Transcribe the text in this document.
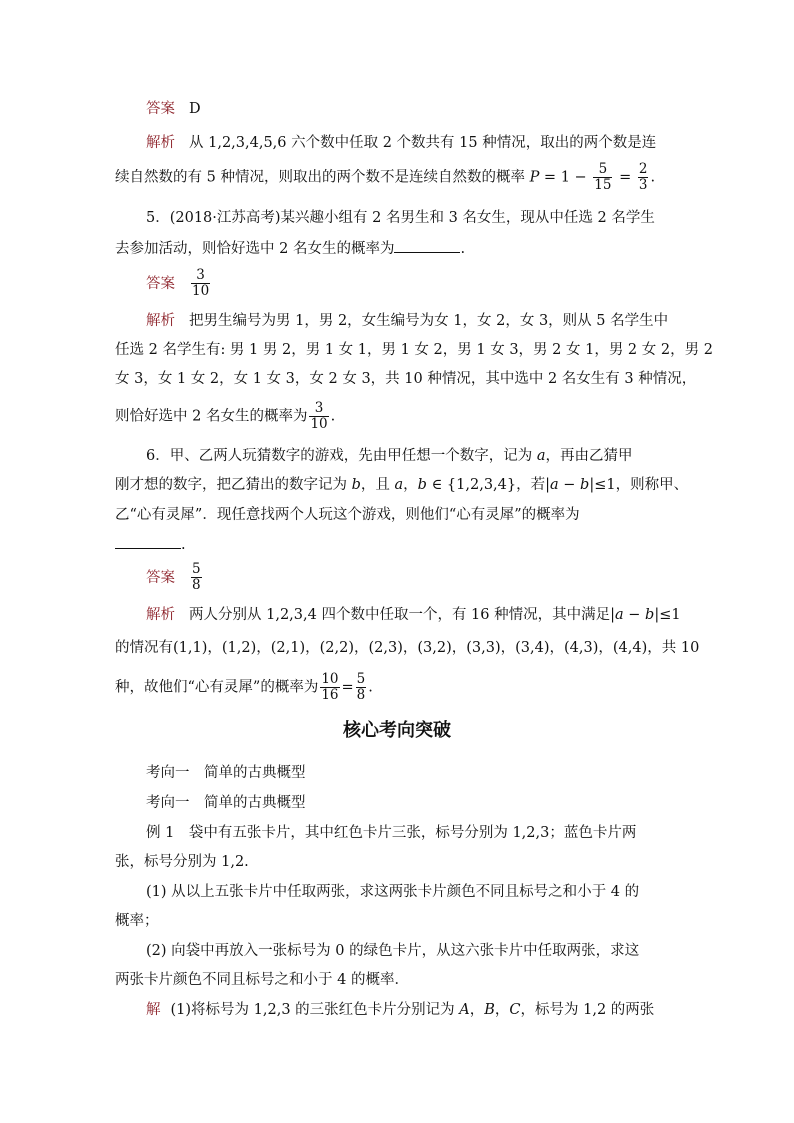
答案 D
解析 从 1,2,3,4,5,6 六个数中任取 2 个数共有 15 种情况，取出的两个数是连
续自然数的有 5 种情况，则取出的两个数不是连续自然数的概率 $P = 1 - \frac{5}{15} = \frac{2}{3}$ .
5．(2018·江苏高考)某兴趣小组有 2 名男生和 3 名女生，现从中任选 2 名学生
去参加活动，则恰好选中 2 名女生的概率为	.
答案 $\frac{3}{10}$
解析 把男生编号为男 1，男 2，女生编号为女 1，女 2，女 3，则从 5 名学生中
任选 2 名学生有: 男 1 男 2，男 1 女 1，男 1 女 2，男 1 女 3，男 2 女 1，男 2 女 2，男 2
女 3，女 1 女 2，女 1 女 3，女 2 女 3，共 10 种情况，其中选中 2 名女生有 3 种情况，
则恰好选中 2 名女生的概率为 $\frac{3}{10}$ .
6．甲、乙两人玩猜数字的游戏，先由甲任想一个数字，记为 a，再由乙猜甲
刚才想的数字，把乙猜出的数字记为 b，且 a，b ∈ {1,2,3,4}，若|a − b|≤1，则称甲、
乙“心有灵犀”．现任意找两个人玩这个游戏，则他们“心有灵犀”的概率为
.
答案 $\frac{5}{8}$
解析 两人分别从 1,2,3,4 四个数中任取一个，有 16 种情况，其中满足|a − b|≤1
的情况有(1,1)，(1,2)，(2,1)，(2,2)，(2,3)，(3,2)，(3,3)，(3,4)，(4,3)，(4,4)，共 10
种，故他们“心有灵犀”的概率为 $\frac{10}{16} = \frac{5}{8}$ .
核心考向突破
考向一　简单的古典概型
考向一　简单的古典概型
例 1　袋中有五张卡片，其中红色卡片三张，标号分别为 1,2,3；蓝色卡片两
张，标号分别为 1,2.
(1) 从以上五张卡片中任取两张，求这两张卡片颜色不同且标号之和小于 4 的
概率；
(2) 向袋中再放入一张标号为 0 的绿色卡片，从这六张卡片中任取两张，求这
两张卡片颜色不同且标号之和小于 4 的概率．
解 (1)将标号为 1,2,3 的三张红色卡片分别记为 A，B，C，标号为 1,2 的两张
